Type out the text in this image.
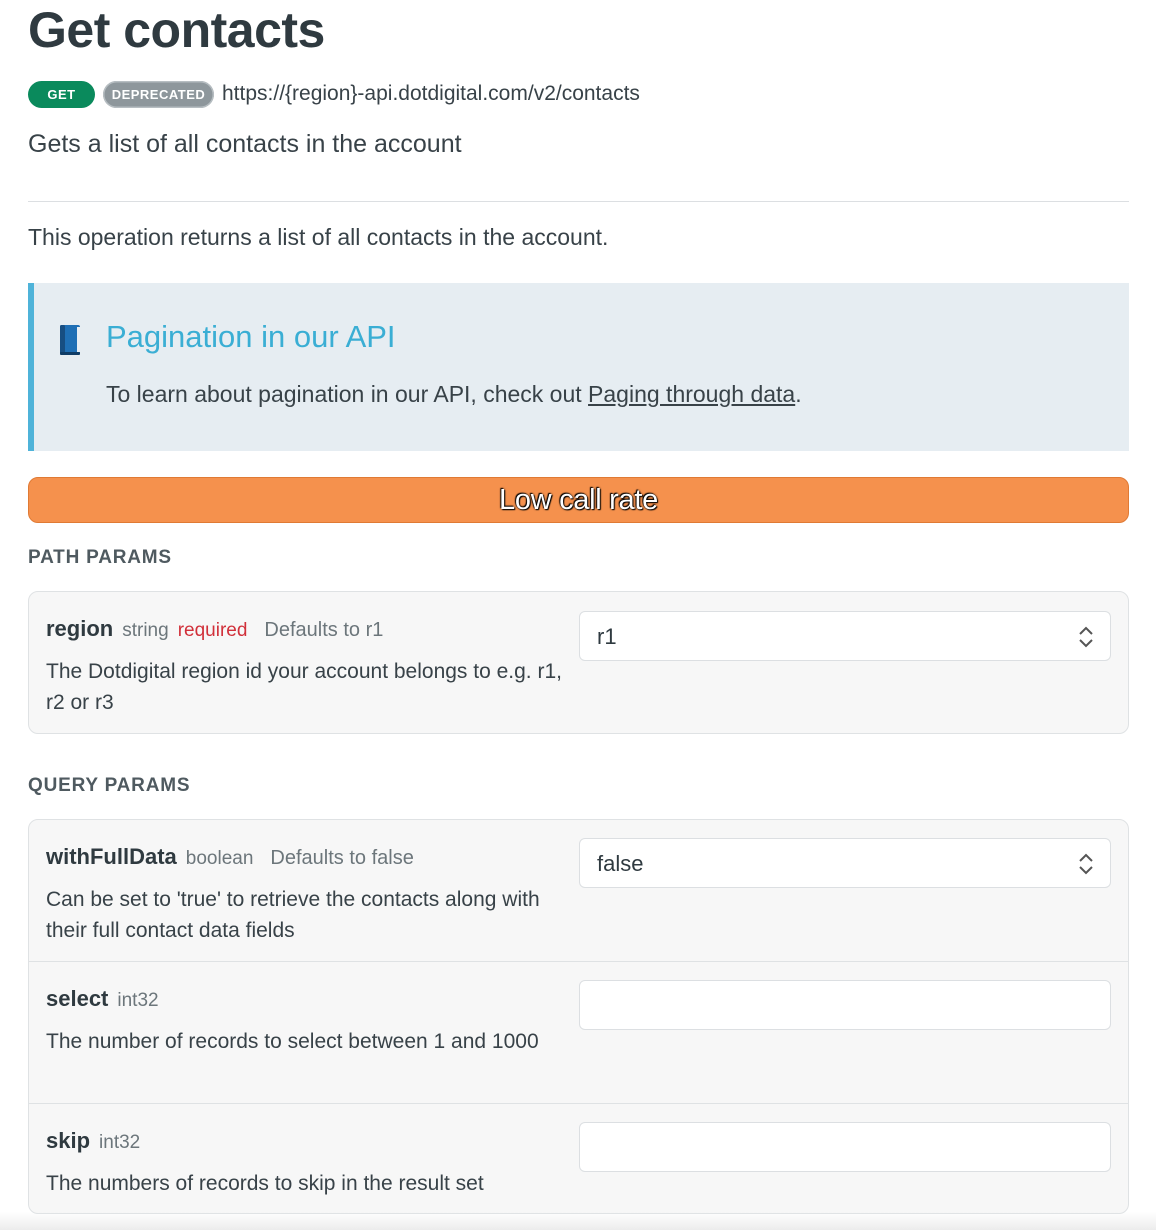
Get contacts
GET	DEPRECATED https://{region}-api.dotdigital.com/v2/contacts

Gets a list of all contacts in the account

This operation returns a list of all contacts in the account.

Pagination in our API
To learn about pagination in our API, check out Paging through data.
Low call rate
PATH PARAMS
region string required Defaults to r1
The Dotdigital region id your account belongs to e.g. r1, r2 or r3
r1
QUERY PARAMS
withFullData boolean Defaults to false
Can be set to 'true' to retrieve the contacts along with their full contact data fields
false
select int32
The number of records to select between 1 and 1000
skip int32
The numbers of records to skip in the result set
